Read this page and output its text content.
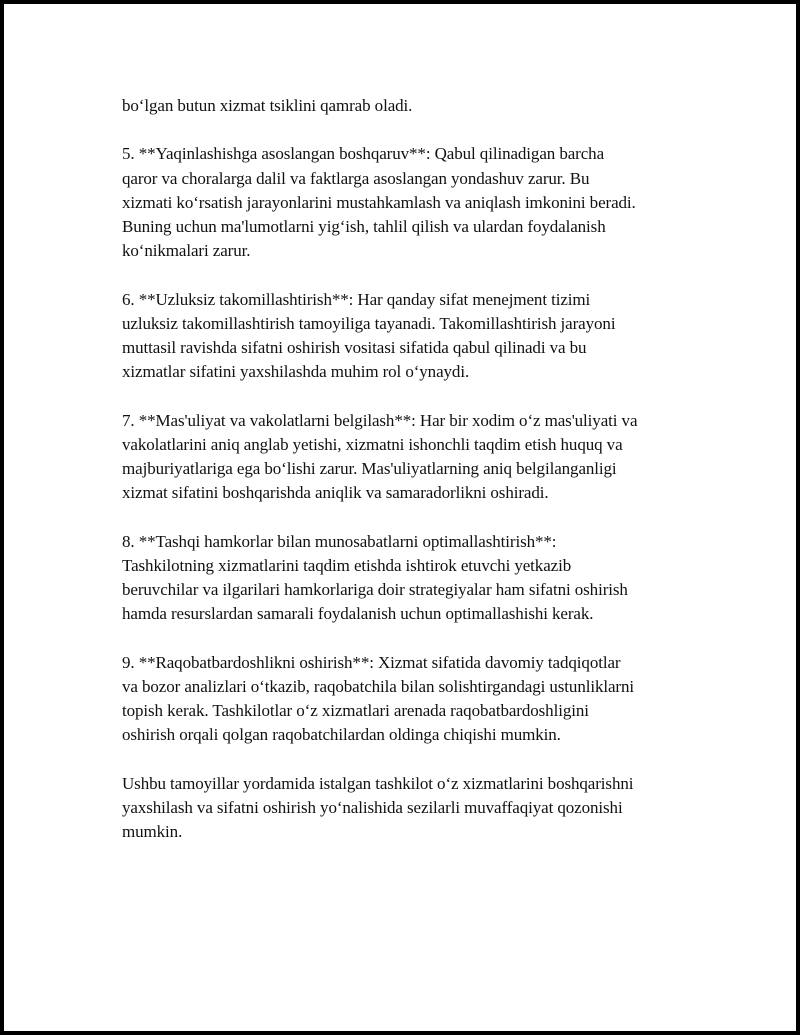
bo‘lgan butun xizmat tsiklini qamrab oladi.

5. **Yaqinlashishga asoslangan boshqaruv**: Qabul qilinadigan barcha
qaror va choralarga dalil va faktlarga asoslangan yondashuv zarur. Bu
xizmati ko‘rsatish jarayonlarini mustahkamlash va aniqlash imkonini beradi.
Buning uchun ma'lumotlarni yig‘ish, tahlil qilish va ulardan foydalanish
ko‘nikmalari zarur.

6. **Uzluksiz takomillashtirish**: Har qanday sifat menejment tizimi
uzluksiz takomillashtirish tamoyiliga tayanadi. Takomillashtirish jarayoni
muttasil ravishda sifatni oshirish vositasi sifatida qabul qilinadi va bu
xizmatlar sifatini yaxshilashda muhim rol o‘ynaydi.

7. **Mas'uliyat va vakolatlarni belgilash**: Har bir xodim o‘z mas'uliyati va
vakolatlarini aniq anglab yetishi, xizmatni ishonchli taqdim etish huquq va
majburiyatlariga ega bo‘lishi zarur. Mas'uliyatlarning aniq belgilanganligi
xizmat sifatini boshqarishda aniqlik va samaradorlikni oshiradi.

8. **Tashqi hamkorlar bilan munosabatlarni optimallashtirish**:
Tashkilotning xizmatlarini taqdim etishda ishtirok etuvchi yetkazib
beruvchilar va ilgarilari hamkorlariga doir strategiyalar ham sifatni oshirish
hamda resurslardan samarali foydalanish uchun optimallashishi kerak.

9. **Raqobatbardoshlikni oshirish**: Xizmat sifatida davomiy tadqiqotlar
va bozor analizlari o‘tkazib, raqobatchila bilan solishtirgandagi ustunliklarni
topish kerak. Tashkilotlar o‘z xizmatlari arenada raqobatbardoshligini
oshirish orqali qolgan raqobatchilardan oldinga chiqishi mumkin.

Ushbu tamoyillar yordamida istalgan tashkilot o‘z xizmatlarini boshqarishni
yaxshilash va sifatni oshirish yo‘nalishida sezilarli muvaffaqiyat qozonishi
mumkin.
